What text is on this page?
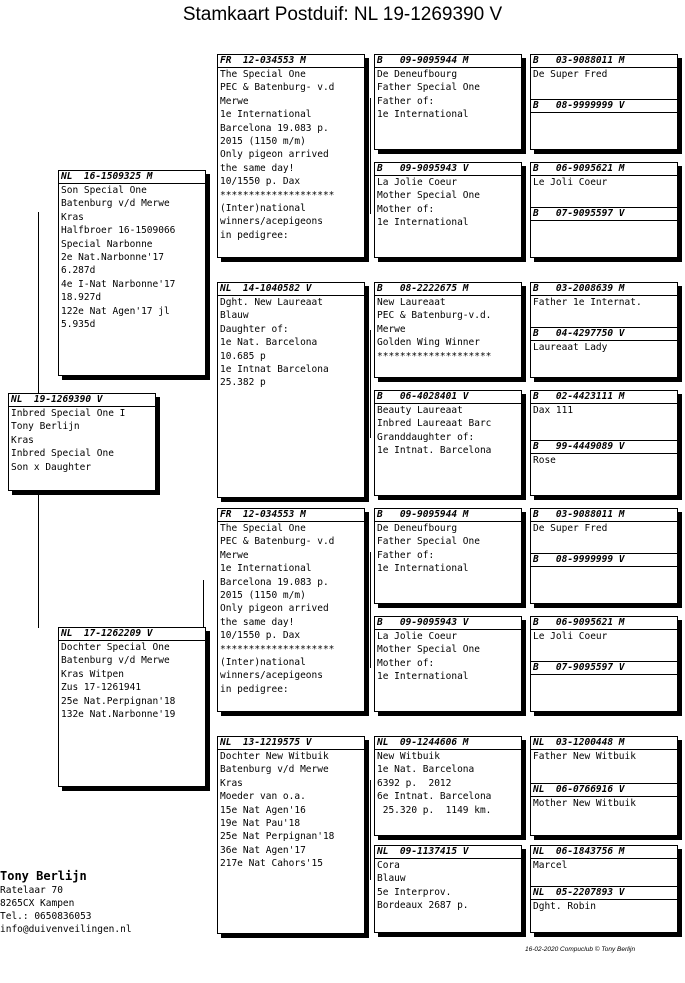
Stamkaart Postduif: NL 19-1269390 V
NL  19-1269390 V
Inbred Special One I
Tony Berlijn
Kras
Inbred Special One
Son x Daughter
NL  16-1509325 M
Son Special One
Batenburg v/d Merwe
Kras
Halfbroer 16-1509066
Special Narbonne
2e Nat.Narbonne'17
6.287d
4e I-Nat Narbonne'17
18.927d
122e Nat Agen'17 jl
5.935d
NL  17-1262209 V
Dochter Special One
Batenburg v/d Merwe
Kras Witpen
Zus 17-1261941
25e Nat.Perpignan'18
132e Nat.Narbonne'19
FR  12-034553 M
The Special One
PEC & Batenburg- v.d
Merwe
1e International
Barcelona 19.083 p.
2015 (1150 m/m)
Only pigeon arrived
the same day!
10/1550 p. Dax
********************
(Inter)national
winners/acepigeons
in pedigree:
NL  14-1040582 V
Dght. New Laureaat
Blauw
Daughter of:
1e Nat. Barcelona
10.685 p
1e Intnat Barcelona
25.382 p
FR  12-034553 M
The Special One
PEC & Batenburg- v.d
Merwe
1e International
Barcelona 19.083 p.
2015 (1150 m/m)
Only pigeon arrived
the same day!
10/1550 p. Dax
********************
(Inter)national
winners/acepigeons
in pedigree:
NL  13-1219575 V
Dochter New Witbuik
Batenburg v/d Merwe
Kras
Moeder van o.a.
15e Nat Agen'16
19e Nat Pau'18
25e Nat Perpignan'18
36e Nat Agen'17
217e Nat Cahors'15
B   09-9095944 M
De Deneufbourg
Father Special One
Father of:
1e International
B   09-9095943 V
La Jolie Coeur
Mother Special One
Mother of:
1e International
B   08-2222675 M
New Laureaat
PEC & Batenburg-v.d.
Merwe
Golden Wing Winner
********************
B   06-4028401 V
Beauty Laureaat
Inbred Laureaat Barc
Granddaughter of:
1e Intnat. Barcelona
B   09-9095944 M
De Deneufbourg
Father Special One
Father of:
1e International
B   09-9095943 V
La Jolie Coeur
Mother Special One
Mother of:
1e International
NL  09-1244606 M
New Witbuik
1e Nat. Barcelona
6392 p.  2012
6e Intnat. Barcelona
25.320 p.  1149 km.
NL  09-1137415 V
Cora
Blauw
5e Interprov.
Bordeaux 2687 p.
B   03-9088011 M
De Super Fred
B   08-9999999 V
B   06-9095621 M
Le Joli Coeur
B   07-9095597 V
B   03-2008639 M
Father 1e Internat.
B   04-4297750 V
Laureaat Lady
B   02-4423111 M
Dax 111
B   99-4449089 V
Rose
B   03-9088011 M
De Super Fred
B   08-9999999 V
B   06-9095621 M
Le Joli Coeur
B   07-9095597 V
NL  03-1200448 M
Father New Witbuik
NL  06-0766916 V
Mother New Witbuik
NL  06-1843756 M
Marcel
NL  05-2207893 V
Dght. Robin
Tony Berlijn
Ratelaar 70
8265CX Kampen
Tel.: 0650836053
info@duivenveilingen.nl
16-02-2020 Compuclub © Tony Berlijn
